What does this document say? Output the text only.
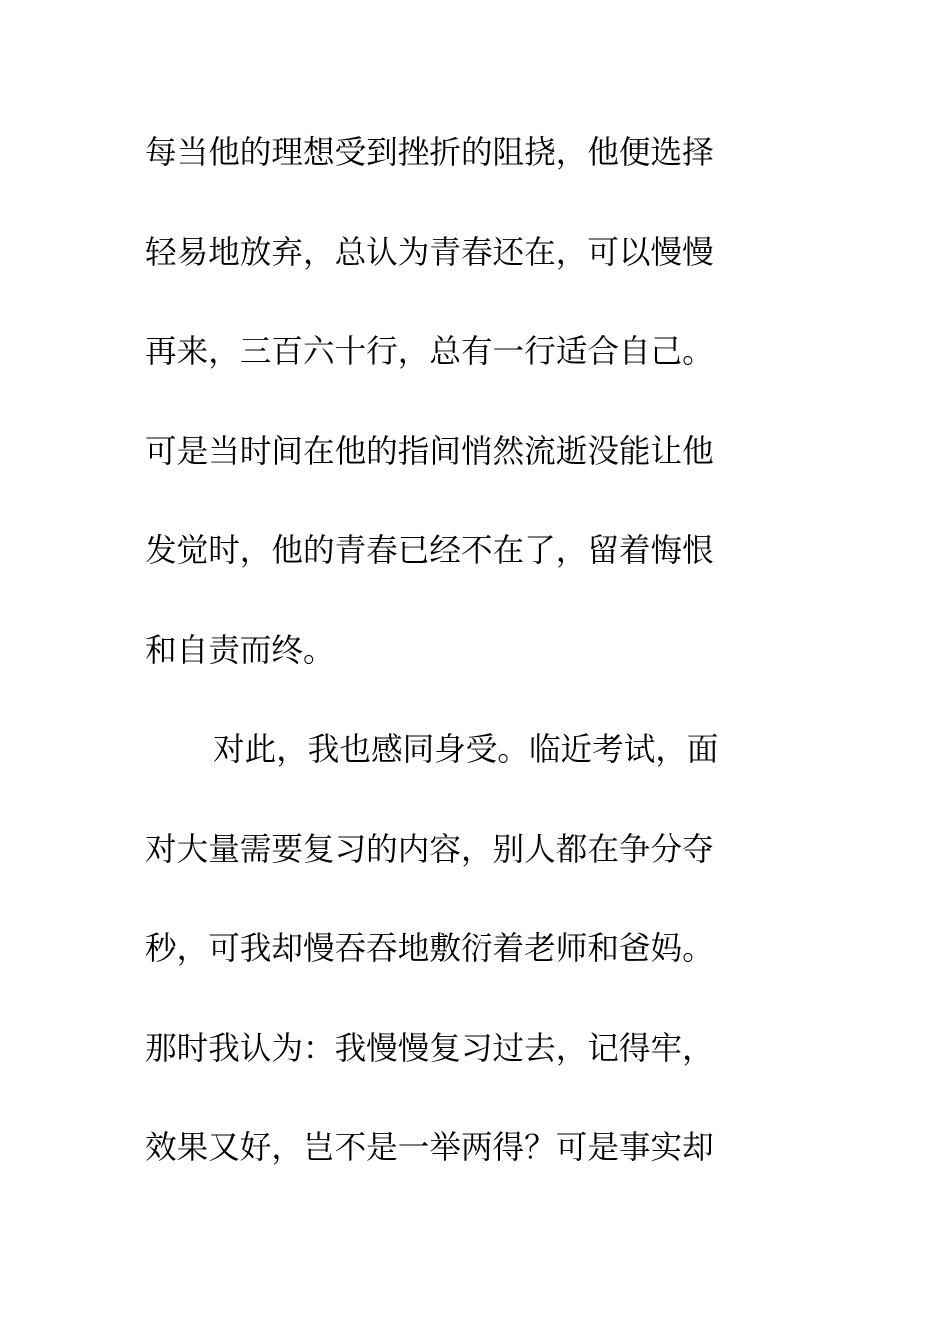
每当他的理想受到挫折的阻挠，他便选择
轻易地放弃，总认为青春还在，可以慢慢
再来，三百六十行，总有一行适合自己。
可是当时间在他的指间悄然流逝没能让他
发觉时，他的青春已经不在了，留着悔恨
和自责而终。
对此，我也感同身受。临近考试，面
对大量需要复习的内容，别人都在争分夺
秒，可我却慢吞吞地敷衍着老师和爸妈。
那时我认为：我慢慢复习过去，记得牢，
效果又好，岂不是一举两得？可是事实却
